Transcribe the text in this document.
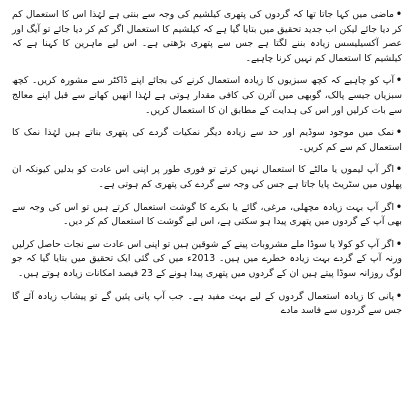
•ماضی میں کہا جاتا تھا کہ گردوں کی پتھری کیلشیم کی وجہ سے بنتی ہے لہٰذا اس کا استعمال کم کر دیا جائے لیکن اب جدید تحقیق میں بتایا گیا ہے کہ کیلشیم کا استعمال اگر کم کر دیا جائے تو آیگ اور عصر آکسیلیسس زیادہ بننے لگتا ہے جس سے پتھری بڑھتی ہے۔ اس لیے ماہرین کا کہنا ہے کہ کیلشیم کا استعمال کم نہیں کرنا چاہیے۔

•آپ کو چاہیے کہ کچھ سبزیوں کا زیادہ استعمال کرنے کی بجائے اپنے ڈاکٹر سے مشورہ کریں۔ کچھ سبزیاں جیسے پالک، گوبھی میں آئرن کی کافی مقدار ہوتی ہے لہٰذا انھیں کھانے سے قبل اپنے معالج سے بات کرلیں اور اس کی ہدایت کے مطابق ان کا استعمال کریں۔

•نمک میں موجود سوڈیم اور حد سے زیادہ دیگر نمکیات گردے کی پتھری بناتے ہیں لہٰذا نمک کا استعمال کم سے کم کریں۔

•اگر آپ لیموں یا مالٹے کا استعمال نہیں کرتے تو فوری طور پر اپنی اس عادت کو بدلیں کیونکہ ان پھلوں میں سٹریٹ پایا جاتا ہے جس کی وجہ سے گردے کی پتھری کم ہوتی ہے۔

•اگر آپ بہت زیادہ مچھلی، مرغی، گائے یا بکرے کا گوشت استعمال کرتے ہیں تو اس کی وجہ سے بھی آپ کے گردوں میں پتھری پیدا ہو سکتی ہے، اس لیے گوشت کا استعمال کم کر دیں۔

•اگر آپ کو کولا یا سوڈا ملے مشروبات پینے کے شوقین ہیں تو اپنی اس عادت سے نجات حاصل کرلیں ورنہ آپ کے گردے بہت زیادہ خطرے میں ہیں۔ 2013ء میں کی گئی ایک تحقیق میں بتایا گیا کہ جو لوگ روزانہ سوڈا پیتے ہیں ان کے گردوں میں پتھری پیدا ہونے کے 23 فیصد امکانات زیادہ ہوتے ہیں۔

•پانی کا زیادہ استعمال گردوں کے لیے بہت مفید ہے۔ جب آپ پانی پئیں گے تو پیشاب زیادہ آئے گا جس سے گردوں سے فاسد مادے
